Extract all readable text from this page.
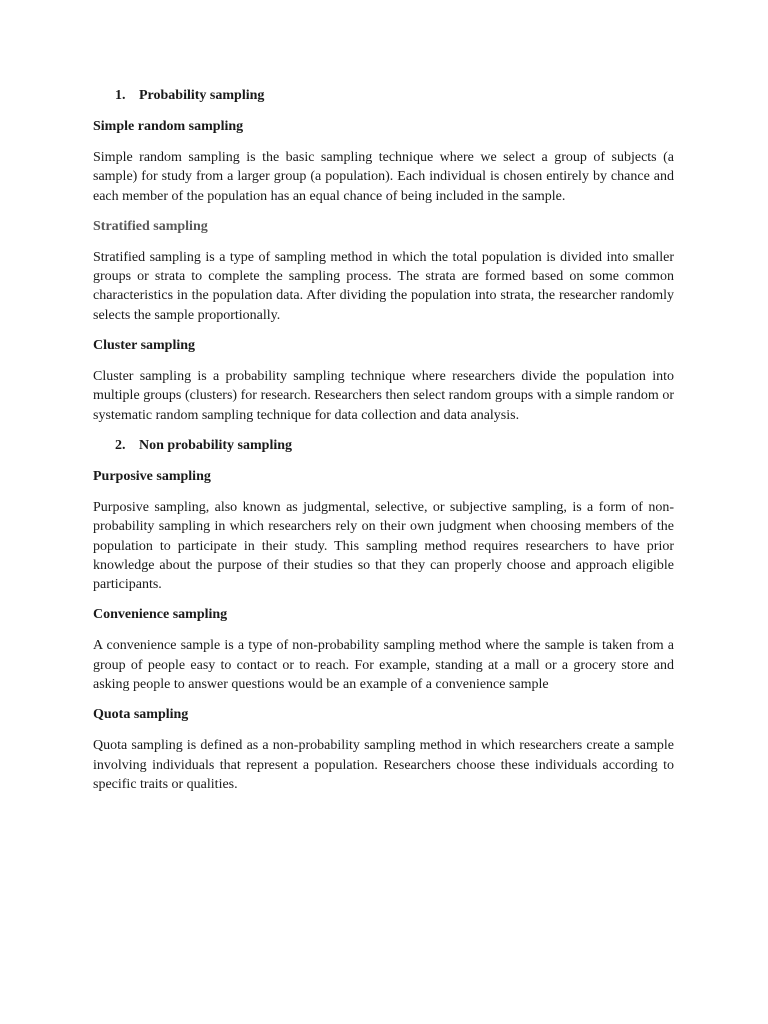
1. Probability sampling
Simple random sampling

Simple random sampling is the basic sampling technique where we select a group of subjects (a sample) for study from a larger group (a population). Each individual is chosen entirely by chance and each member of the population has an equal chance of being included in the sample.

Stratified sampling

Stratified sampling is a type of sampling method in which the total population is divided into smaller groups or strata to complete the sampling process. The strata are formed based on some common characteristics in the population data. After dividing the population into strata, the researcher randomly selects the sample proportionally.

Cluster sampling

Cluster sampling is a probability sampling technique where researchers divide the population into multiple groups (clusters) for research. Researchers then select random groups with a simple random or systematic random sampling technique for data collection and data analysis.

2. Non probability sampling
Purposive sampling

Purposive sampling, also known as judgmental, selective, or subjective sampling, is a form of non-probability sampling in which researchers rely on their own judgment when choosing members of the population to participate in their study. This sampling method requires researchers to have prior knowledge about the purpose of their studies so that they can properly choose and approach eligible participants.

Convenience sampling

A convenience sample is a type of non-probability sampling method where the sample is taken from a group of people easy to contact or to reach. For example, standing at a mall or a grocery store and asking people to answer questions would be an example of a convenience sample

Quota sampling

Quota sampling is defined as a non-probability sampling method in which researchers create a sample involving individuals that represent a population. Researchers choose these individuals according to specific traits or qualities.
